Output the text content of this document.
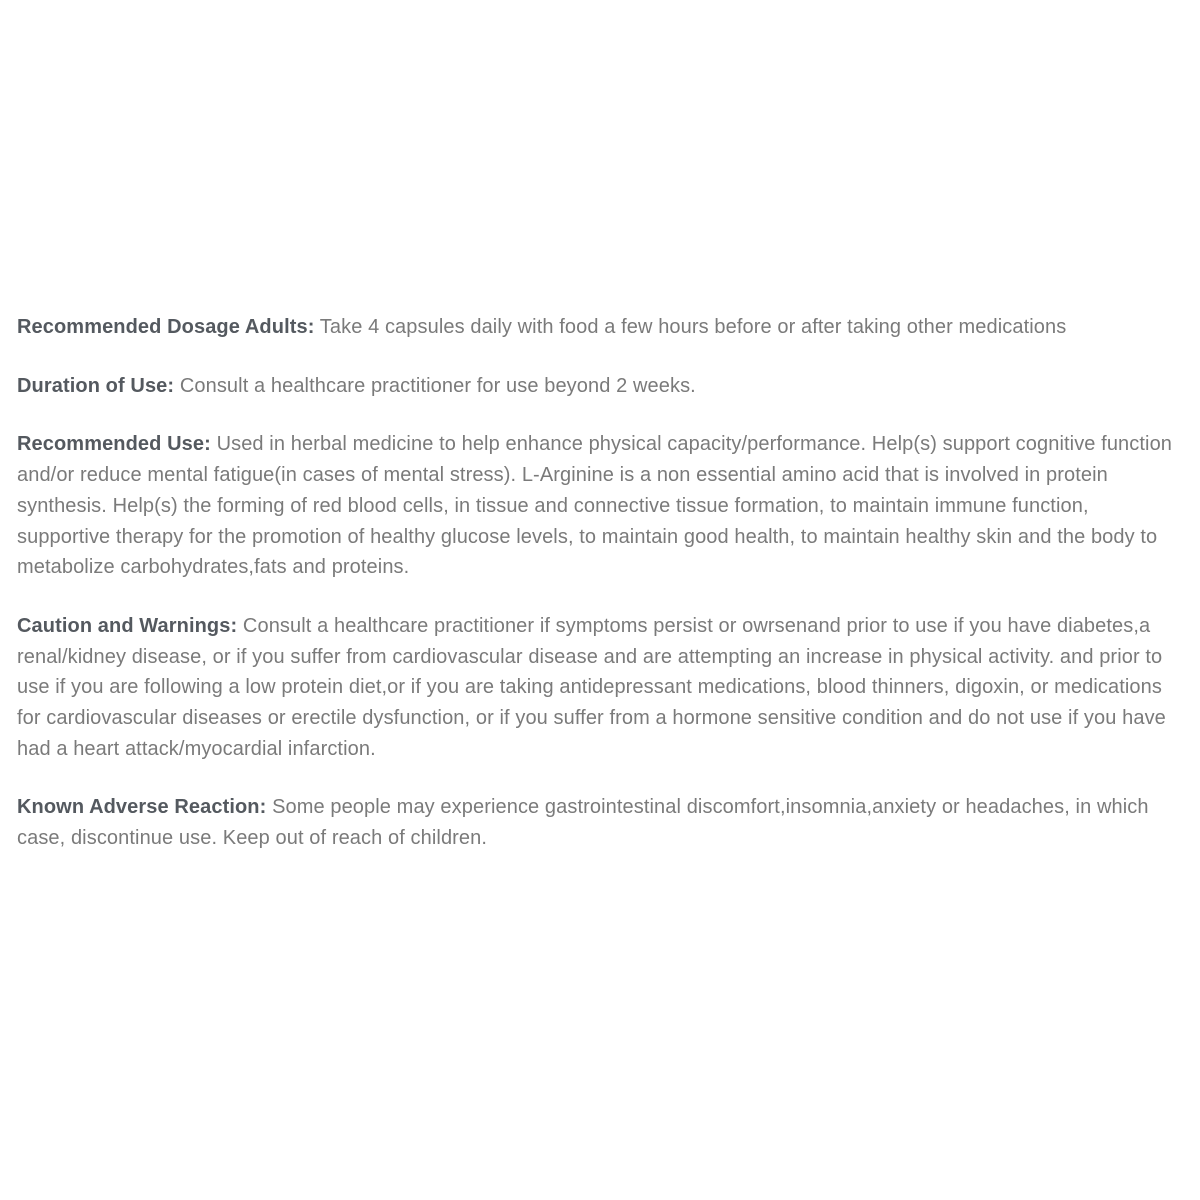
Recommended Dosage Adults: Take 4 capsules daily with food a few hours before or after taking other medications

Duration of Use: Consult a healthcare practitioner for use beyond 2 weeks.

Recommended Use: Used in herbal medicine to help enhance physical capacity/performance. Help(s) support cognitive function and/or reduce mental fatigue(in cases of mental stress). L-Arginine is a non essential amino acid that is involved in protein synthesis. Help(s) the forming of red blood cells, in tissue and connective tissue formation, to maintain immune function, supportive therapy for the promotion of healthy glucose levels, to maintain good health, to maintain healthy skin and the body to metabolize carbohydrates,fats and proteins.

Caution and Warnings: Consult a healthcare practitioner if symptoms persist or owrsenand prior to use if you have diabetes,a renal/kidney disease, or if you suffer from cardiovascular disease and are attempting an increase in physical activity. and prior to use if you are following a low protein diet,or if you are taking antidepressant medications, blood thinners, digoxin, or medications for cardiovascular diseases or erectile dysfunction, or if you suffer from a hormone sensitive condition and do not use if you have had a heart attack/myocardial infarction.

Known Adverse Reaction: Some people may experience gastrointestinal discomfort,insomnia,anxiety or headaches, in which case, discontinue use. Keep out of reach of children.
